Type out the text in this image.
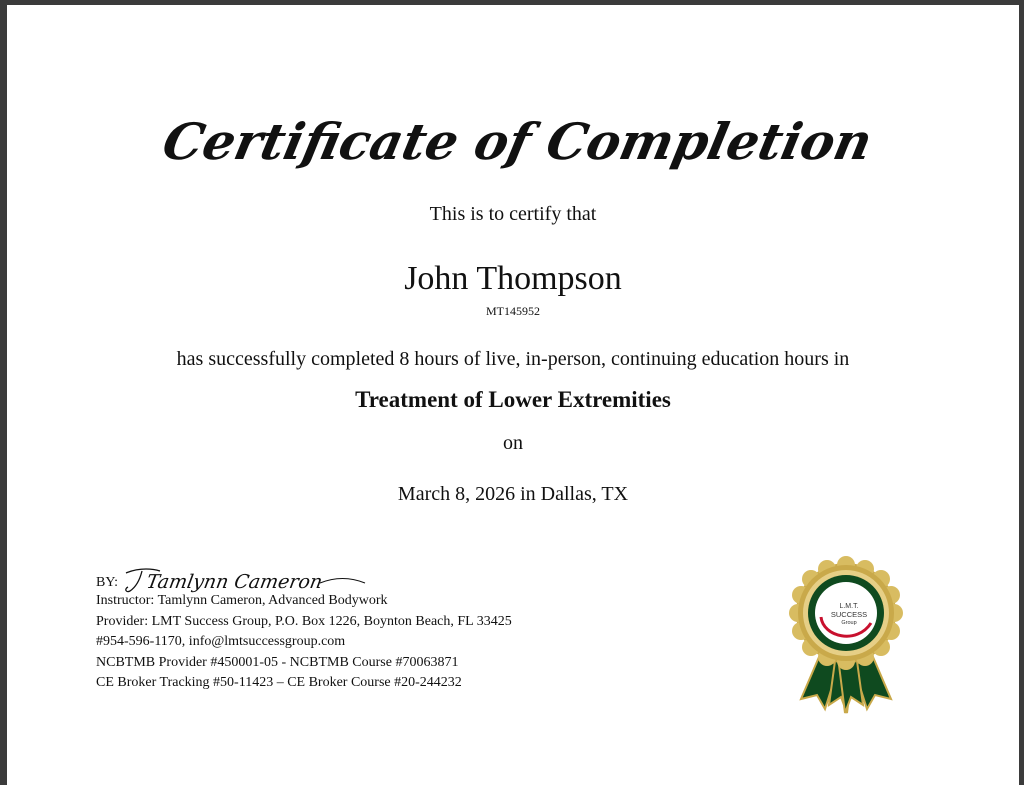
Certificate of Completion
This is to certify that
John Thompson
MT145952
has successfully completed 8 hours of live, in-person, continuing education hours in
Treatment of Lower Extremities
on
March 8, 2026 in Dallas, TX
BY: Tamlynn Cameron
Instructor: Tamlynn Cameron, Advanced Bodywork
Provider: LMT Success Group, P.O. Box 1226, Boynton Beach, FL 33425
#954-596-1170, info@lmtsuccessgroup.com
NCBTMB Provider #450001-05 - NCBTMB Course #70063871
CE Broker Tracking #50-11423 – CE Broker Course #20-244232
L.M.T.
SUCCESS
Group
